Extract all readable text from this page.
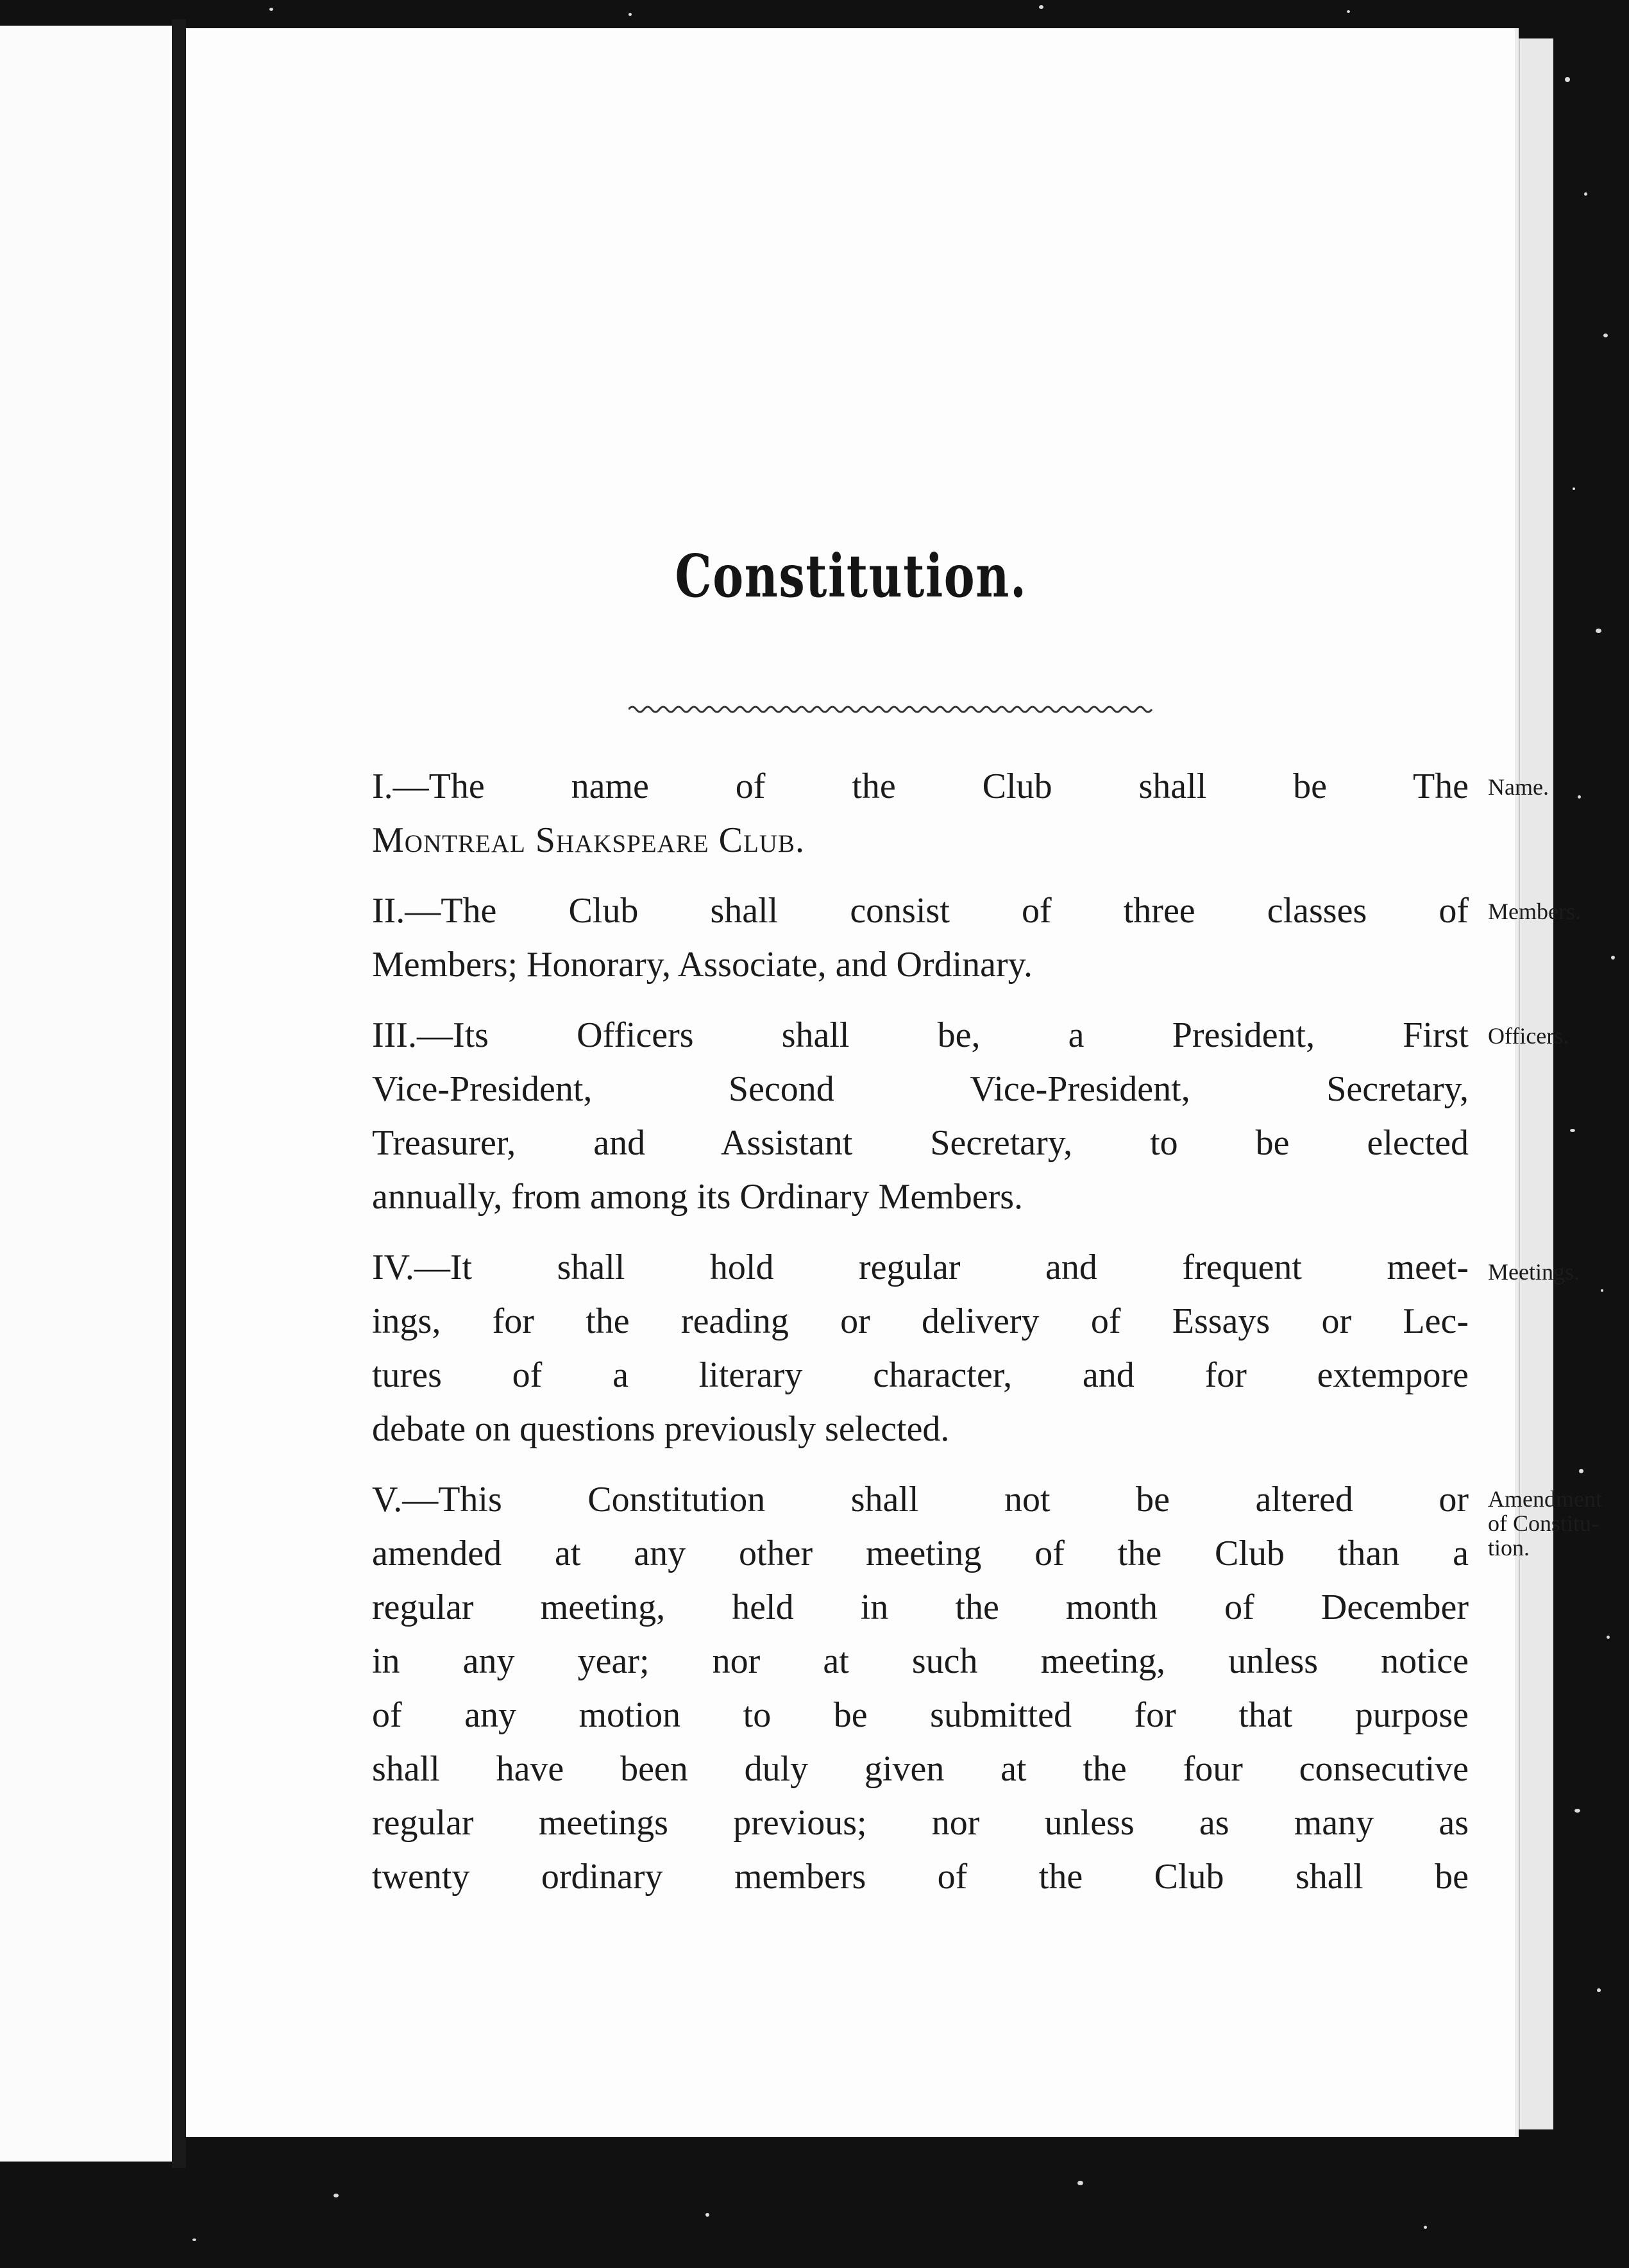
Constitution.

I.—The name of the Club shall be The
Montreal Shakspeare Club.

II.—The Club shall consist of three classes of
Members; Honorary, Associate, and Ordinary.

III.—Its Officers shall be, a President, First
Vice-President, Second Vice-President, Secretary,
Treasurer, and Assistant Secretary, to be elected
annually, from among its Ordinary Members.

IV.—It shall hold regular and frequent meet-
ings, for the reading or delivery of Essays or Lec-
tures of a literary character, and for extempore
debate on questions previously selected.

V.—This Constitution shall not be altered or
amended at any other meeting of the Club than a
regular meeting, held in the month of December
in any year; nor at such meeting, unless notice
of any motion to be submitted for that purpose
shall have been duly given at the four consecutive
regular meetings previous; nor unless as many as
twenty ordinary members of the Club shall be

Name.
Members.
Officers.
Meetings.
Amendment
of Constitu-
tion.
